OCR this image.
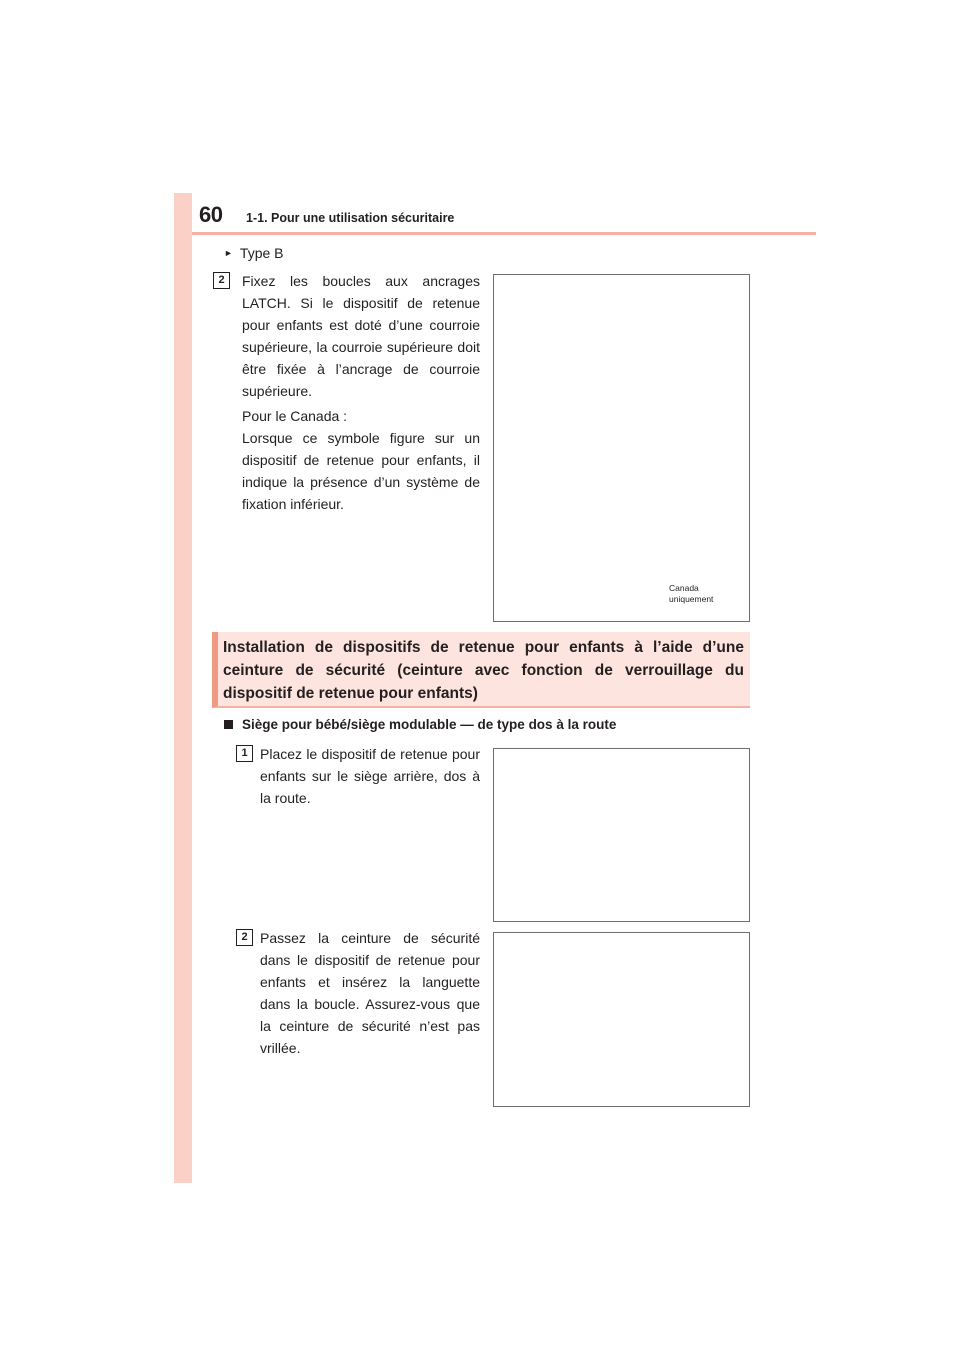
60 1-1. Pour une utilisation sécuritaire
► Type B
2	Fixez les boucles aux ancrages LATCH. Si le dispositif de retenue pour enfants est doté d’une courroie supérieure, la courroie supérieure doit être fixée à l’ancrage de courroie supérieure.
Pour le Canada :
Lorsque ce symbole figure sur un dispositif de retenue pour enfants, il indique la présence d’un système de fixation inférieur.
Canada
uniquement
Installation de dispositifs de retenue pour enfants à l’aide d’une ceinture de sécurité (ceinture avec fonction de verrouillage du dispositif de retenue pour enfants)
Siège pour bébé/siège modulable — de type dos à la route
1 Placez le dispositif de retenue pour enfants sur le siège arrière, dos à la route.
2 Passez la ceinture de sécurité dans le dispositif de retenue pour enfants et insérez la languette dans la boucle. Assurez-vous que la ceinture de sécurité n’est pas vrillée.
